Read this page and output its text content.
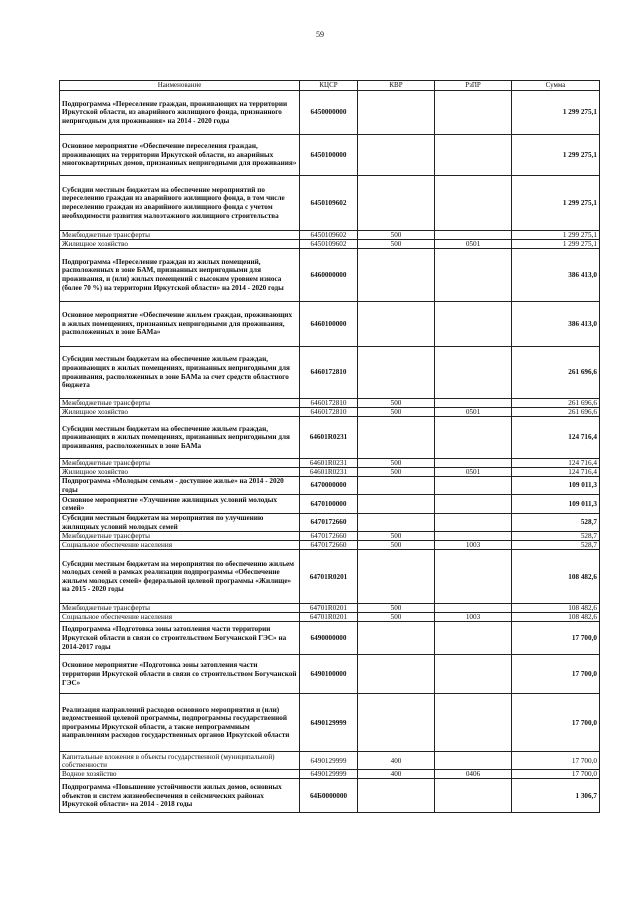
59
Наименование	КЦСР	КВР	РзПР	Сумма
Подпрограмма «Переселение граждан, проживающих на территории Иркутской области, из аварийного жилищного фонда, признанного непригодным для проживания» на 2014 - 2020 годы	6450000000			1 299 275,1
Основное мероприятие «Обеспечение переселения граждан, проживающих на территории Иркутской области, из аварийных многоквартирных домов, признанных непригодными для проживания»	6450100000			1 299 275,1
Субсидии местным бюджетам на обеспечение мероприятий по переселению граждан из аварийного жилищного фонда, в том числе переселению граждан из аварийного жилищного фонда с учетом необходимости развития малоэтажного жилищного строительства	6450109602			1 299 275,1
Межбюджетные трансферты	6450109602	500		1 299 275,1
Жилищное хозяйство	6450109602	500	0501	1 299 275,1
Подпрограмма «Переселение граждан из жилых помещений, расположенных в зоне БАМ, признанных непригодными для проживания, и (или) жилых помещений с высоким уровнем износа (более 70 %) на территории Иркутской области» на 2014 - 2020 годы	6460000000			386 413,0
Основное мероприятие «Обеспечение жильем граждан, проживающих в жилых помещениях, признанных непригодными для проживания, расположенных в зоне БАМа»	6460100000			386 413,0
Субсидии местным бюджетам на обеспечение жильем граждан, проживающих в жилых помещениях, признанных непригодными для проживания, расположенных в зоне БАМа за счет средств областного бюджета	6460172810			261 696,6
Межбюджетные трансферты	6460172810	500		261 696,6
Жилищное хозяйство	6460172810	500	0501	261 696,6
Субсидии местным бюджетам на обеспечение жильем граждан, проживающих в жилых помещениях, признанных непригодными для проживания, расположенных в зоне БАМа	64601R0231			124 716,4
Межбюджетные трансферты	64601R0231	500		124 716,4
Жилищное хозяйство	64601R0231	500	0501	124 716,4
Подпрограмма «Молодым семьям - доступное жилье» на 2014 - 2020 годы	6470000000			109 011,3
Основное мероприятие «Улучшение жилищных условий молодых семей»	6470100000			109 011,3
Субсидии местным бюджетам на мероприятия по улучшению жилищных условий молодых семей	6470172660			528,7
Межбюджетные трансферты	6470172660	500		528,7
Социальное обеспечение населения	6470172660	500	1003	528,7
Субсидии местным бюджетам на мероприятия по обеспечению жильем молодых семей в рамках реализации подпрограммы «Обеспечение жильем молодых семей» федеральной целевой программы «Жилище» на 2015 - 2020 годы	64701R0201			108 482,6
Межбюджетные трансферты	64701R0201	500		108 482,6
Социальное обеспечение населения	64701R0201	500	1003	108 482,6
Подпрограмма «Подготовка зоны затопления части территории Иркутской области в связи со строительством Богучанской ГЭС» на 2014-2017 годы	6490000000			17 700,0
Основное мероприятие «Подготовка зоны затопления части территории Иркутской области в связи со строительством Богучанской ГЭС»	6490100000			17 700,0
Реализация направлений расходов основного мероприятия и (или) ведомственной целевой программы, подпрограммы государственной программы Иркутской области, а также непрограммным направлениям расходов государственных органов Иркутской области	6490129999			17 700,0
Капитальные вложения в объекты государственной (муниципальной) собственности	6490129999	400		17 700,0
Водное хозяйство	6490129999	400	0406	17 700,0
Подпрограмма «Повышение устойчивости жилых домов, основных объектов и систем жизнеобеспечения в сейсмических районах Иркутской области» на 2014 - 2018 годы	64Б0000000			1 306,7
